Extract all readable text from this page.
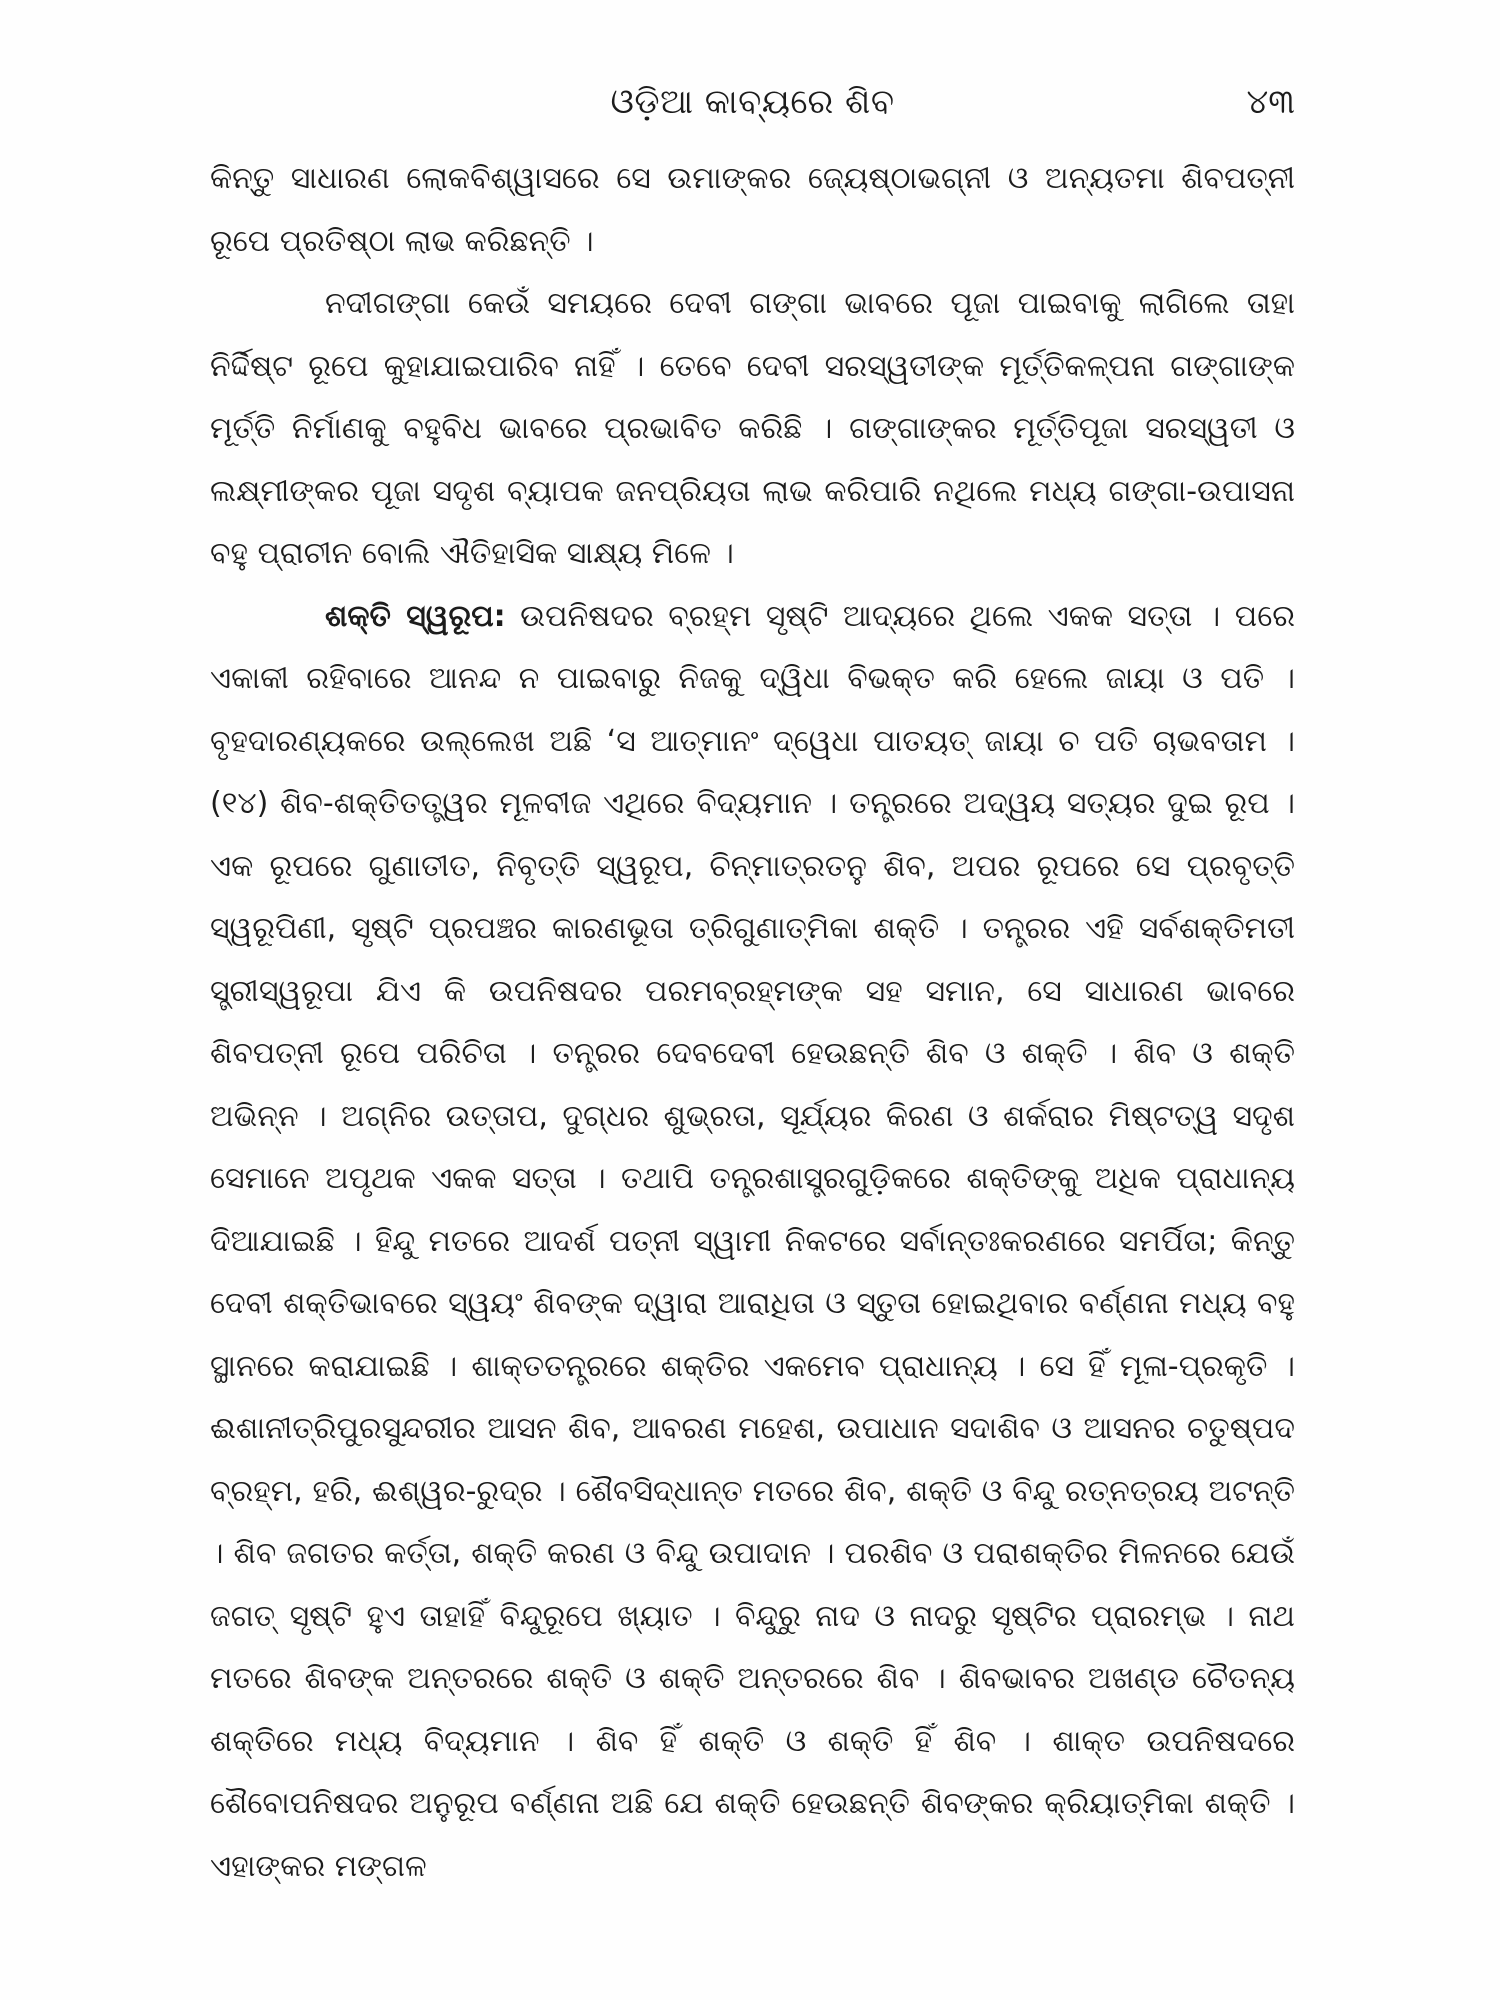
ଓଡ଼ିଆ କାବ୍ୟରେ ଶିବ	୪୩

କିନ୍ତୁ ସାଧାରଣ ଲୋକବିଶ୍ୱାସରେ ସେ ଉମାଙ୍କର ଜ୍ୟେଷ୍ଠାଭଗ୍ନୀ ଓ ଅନ୍ୟତମା ଶିବପତ୍ନୀ ରୂପେ ପ୍ରତିଷ୍ଠା ଲାଭ କରିଛନ୍ତି ।

ନଦୀଗଙ୍ଗା କେଉଁ ସମୟରେ ଦେବୀ ଗଙ୍ଗା ଭାବରେ ପୂଜା ପାଇବାକୁ ଲାଗିଲେ ତାହା ନିର୍ଦ୍ଦିଷ୍ଟ ରୂପେ କୁହାଯାଇପାରିବ ନାହିଁ । ତେବେ ଦେବୀ ସରସ୍ୱତୀଙ୍କ ମୂର୍ତ୍ତିକଳ୍ପନା ଗଙ୍ଗାଙ୍କ ମୂର୍ତ୍ତି ନିର୍ମାଣକୁ ବହୁବିଧ ଭାବରେ ପ୍ରଭାବିତ କରିଛି । ଗଙ୍ଗାଙ୍କର ମୂର୍ତ୍ତିପୂଜା ସରସ୍ୱତୀ ଓ ଲକ୍ଷ୍ମୀଙ୍କର ପୂଜା ସଦୃଶ ବ୍ୟାପକ ଜନପ୍ରିୟତା ଲାଭ କରିପାରି ନଥିଲେ ମଧ୍ୟ ଗଙ୍ଗା-ଉପାସନା ବହୁ ପ୍ରାଚୀନ ବୋଲି ଐତିହାସିକ ସାକ୍ଷ୍ୟ ମିଳେ ।

ଶକ୍ତି ସ୍ୱରୂପ: ଉପନିଷଦର ବ୍ରହ୍ମ ସୃଷ୍ଟି ଆଦ୍ୟରେ ଥିଲେ ଏକକ ସତ୍ତା । ପରେ ଏକାକୀ ରହିବାରେ ଆନନ୍ଦ ନ ପାଇବାରୁ ନିଜକୁ ଦ୍ୱିଧା ବିଭକ୍ତ କରି ହେଲେ ଜାୟା ଓ ପତି । ବୃହଦାରଣ୍ୟକରେ ଉଲ୍ଲେଖ ଅଛି ‘ସ ଆତ୍ମାନଂ ଦ୍ୱେଧା ପାତୟତ୍ ଜାୟା ଚ ପତି ଚାଭବତାମ । (୧୪) ଶିବ-ଶକ୍ତିତତ୍ତ୍ୱର ମୂଳବୀଜ ଏଥିରେ ବିଦ୍ୟମାନ । ତନ୍ତ୍ରରେ ଅଦ୍ୱୟ ସତ୍ୟର ଦୁଇ ରୂପ । ଏକ ରୂପରେ ଗୁଣାତୀତ, ନିବୃତ୍ତି ସ୍ୱରୂପ, ଚିନ୍ମାତ୍ରତନୁ ଶିବ, ଅପର ରୂପରେ ସେ ପ୍ରବୃତ୍ତି ସ୍ୱରୂପିଣୀ, ସୃଷ୍ଟି ପ୍ରପଞ୍ଚର କାରଣଭୂତା ତ୍ରିଗୁଣାତ୍ମିକା ଶକ୍ତି । ତନ୍ତ୍ରର ଏହି ସର୍ବଶକ୍ତିମତୀ ସ୍ତ୍ରୀସ୍ୱରୂପା ଯିଏ କି ଉପନିଷଦର ପରମବ୍ରହ୍ମଙ୍କ ସହ ସମାନ, ସେ ସାଧାରଣ ଭାବରେ ଶିବପତ୍ନୀ ରୂପେ ପରିଚିତା । ତନ୍ତ୍ରର ଦେବଦେବୀ ହେଉଛନ୍ତି ଶିବ ଓ ଶକ୍ତି । ଶିବ ଓ ଶକ୍ତି ଅଭିନ୍ନ । ଅଗ୍ନିର ଉତ୍ତାପ, ଦୁଗ୍ଧର ଶୁଭ୍ରତା, ସୂର୍ଯ୍ୟର କିରଣ ଓ ଶର୍କରାର ମିଷ୍ଟତ୍ୱ ସଦୃଶ ସେମାନେ ଅପୃଥକ ଏକକ ସତ୍ତା । ତଥାପି ତନ୍ତ୍ରଶାସ୍ତ୍ରଗୁଡ଼ିକରେ ଶକ୍ତିଙ୍କୁ ଅଧିକ ପ୍ରାଧାନ୍ୟ ଦିଆଯାଇଛି । ହିନ୍ଦୁ ମତରେ ଆଦର୍ଶ ପତ୍ନୀ ସ୍ୱାମୀ ନିକଟରେ ସର୍ବାନ୍ତଃକରଣରେ ସମର୍ପିତା; କିନ୍ତୁ ଦେବୀ ଶକ୍ତିଭାବରେ ସ୍ୱୟଂ ଶିବଙ୍କ ଦ୍ୱାରା ଆରାଧିତା ଓ ସ୍ତୁତା ହୋଇଥିବାର ବର୍ଣ୍ଣନା ମଧ୍ୟ ବହୁ ସ୍ଥାନରେ କରାଯାଇଛି । ଶାକ୍ତତନ୍ତ୍ରରେ ଶକ୍ତିର ଏକମେବ ପ୍ରାଧାନ୍ୟ । ସେ ହିଁ ମୂଳା-ପ୍ରକୃତି । ଈଶାନୀତ୍ରିପୁରସୁନ୍ଦରୀର ଆସନ ଶିବ, ଆବରଣ ମହେଶ, ଉପାଧାନ ସଦାଶିବ ଓ ଆସନର ଚତୁଷ୍ପଦ ବ୍ରହ୍ମ, ହରି, ଈଶ୍ୱର-ରୁଦ୍ର । ଶୈବସିଦ୍ଧାନ୍ତ ମତରେ ଶିବ, ଶକ୍ତି ଓ ବିନ୍ଦୁ ରତ୍ନତ୍ରୟ ଅଟନ୍ତି । ଶିବ ଜଗତର କର୍ତ୍ତା, ଶକ୍ତି କରଣ ଓ ବିନ୍ଦୁ ଉପାଦାନ । ପରଶିବ ଓ ପରାଶକ୍ତିର ମିଳନରେ ଯେଉଁ ଜଗତ୍ ସୃଷ୍ଟି ହୁଏ ତାହାହିଁ ବିନ୍ଦୁରୂପେ ଖ୍ୟାତ । ବିନ୍ଦୁରୁ ନାଦ ଓ ନାଦରୁ ସୃଷ୍ଟିର ପ୍ରାରମ୍ଭ । ନାଥ ମତରେ ଶିବଙ୍କ ଅନ୍ତରରେ ଶକ୍ତି ଓ ଶକ୍ତି ଅନ୍ତରରେ ଶିବ । ଶିବଭାବର ଅଖଣ୍ଡ ଚୈତନ୍ୟ ଶକ୍ତିରେ ମଧ୍ୟ ବିଦ୍ୟମାନ । ଶିବ ହିଁ ଶକ୍ତି ଓ ଶକ୍ତି ହିଁ ଶିବ । ଶାକ୍ତ ଉପନିଷଦରେ ଶୈବୋପନିଷଦର ଅନୁରୂପ ବର୍ଣ୍ଣନା ଅଛି ଯେ ଶକ୍ତି ହେଉଛନ୍ତି ଶିବଙ୍କର କ୍ରିୟାତ୍ମିକା ଶକ୍ତି । ଏହାଙ୍କର ମଙ୍ଗଳ
